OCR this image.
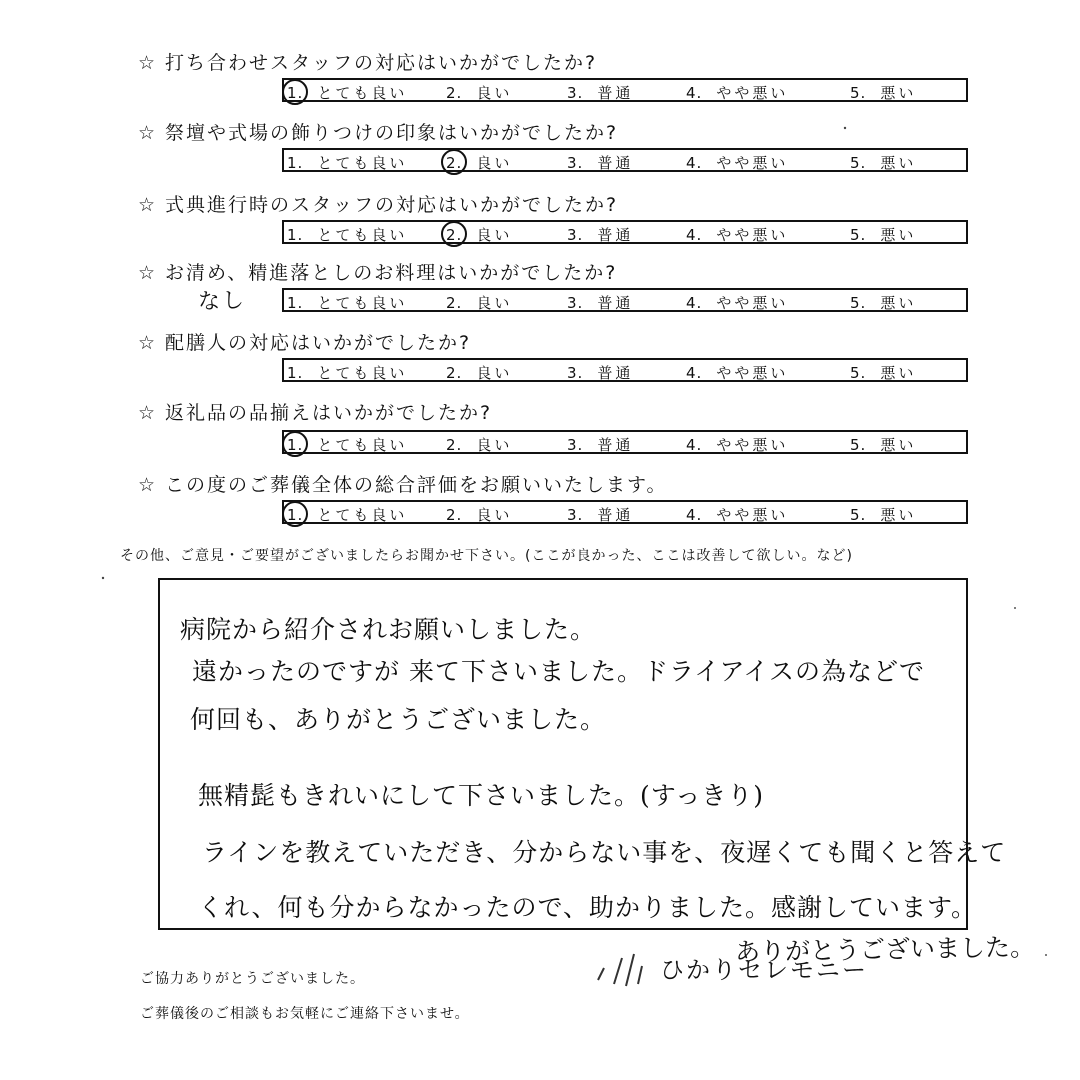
☆ 打ち合わせスタッフの対応はいかがでしたか?
1. とても良い	2. 良い	3. 普通	4. やや悪い	5. 悪い
☆ 祭壇や式場の飾りつけの印象はいかがでしたか?
1. とても良い	2. 良い	3. 普通	4. やや悪い	5. 悪い
☆ 式典進行時のスタッフの対応はいかがでしたか?
1. とても良い	2. 良い	3. 普通	4. やや悪い	5. 悪い
☆ お清め、精進落としのお料理はいかがでしたか?
なし	1. とても良い	2. 良い	3. 普通	4. やや悪い	5. 悪い
☆ 配膳人の対応はいかがでしたか?
1. とても良い	2. 良い	3. 普通	4. やや悪い	5. 悪い
☆ 返礼品の品揃えはいかがでしたか?
1. とても良い	2. 良い	3. 普通	4. やや悪い	5. 悪い
☆ この度のご葬儀全体の総合評価をお願いいたします。
1. とても良い	2. 良い	3. 普通	4. やや悪い	5. 悪い
その他、ご意見・ご要望がございましたらお聞かせ下さい。(ここが良かった、ここは改善して欲しい。など)
病院から紹介されお願いしました。
遠かったのですが 来て下さいました。ドライアイスの為などで
何回も、ありがとうございました。
無精髭もきれいにして下さいました。(すっきり)
ラインを教えていただき、分からない事を、夜遅くても聞くと答えて
くれ、何も分からなかったので、助かりました。感謝しています。
ありがとうございました。
ひかりセレモニー
ご協力ありがとうございました。
ご葬儀後のご相談もお気軽にご連絡下さいませ。
